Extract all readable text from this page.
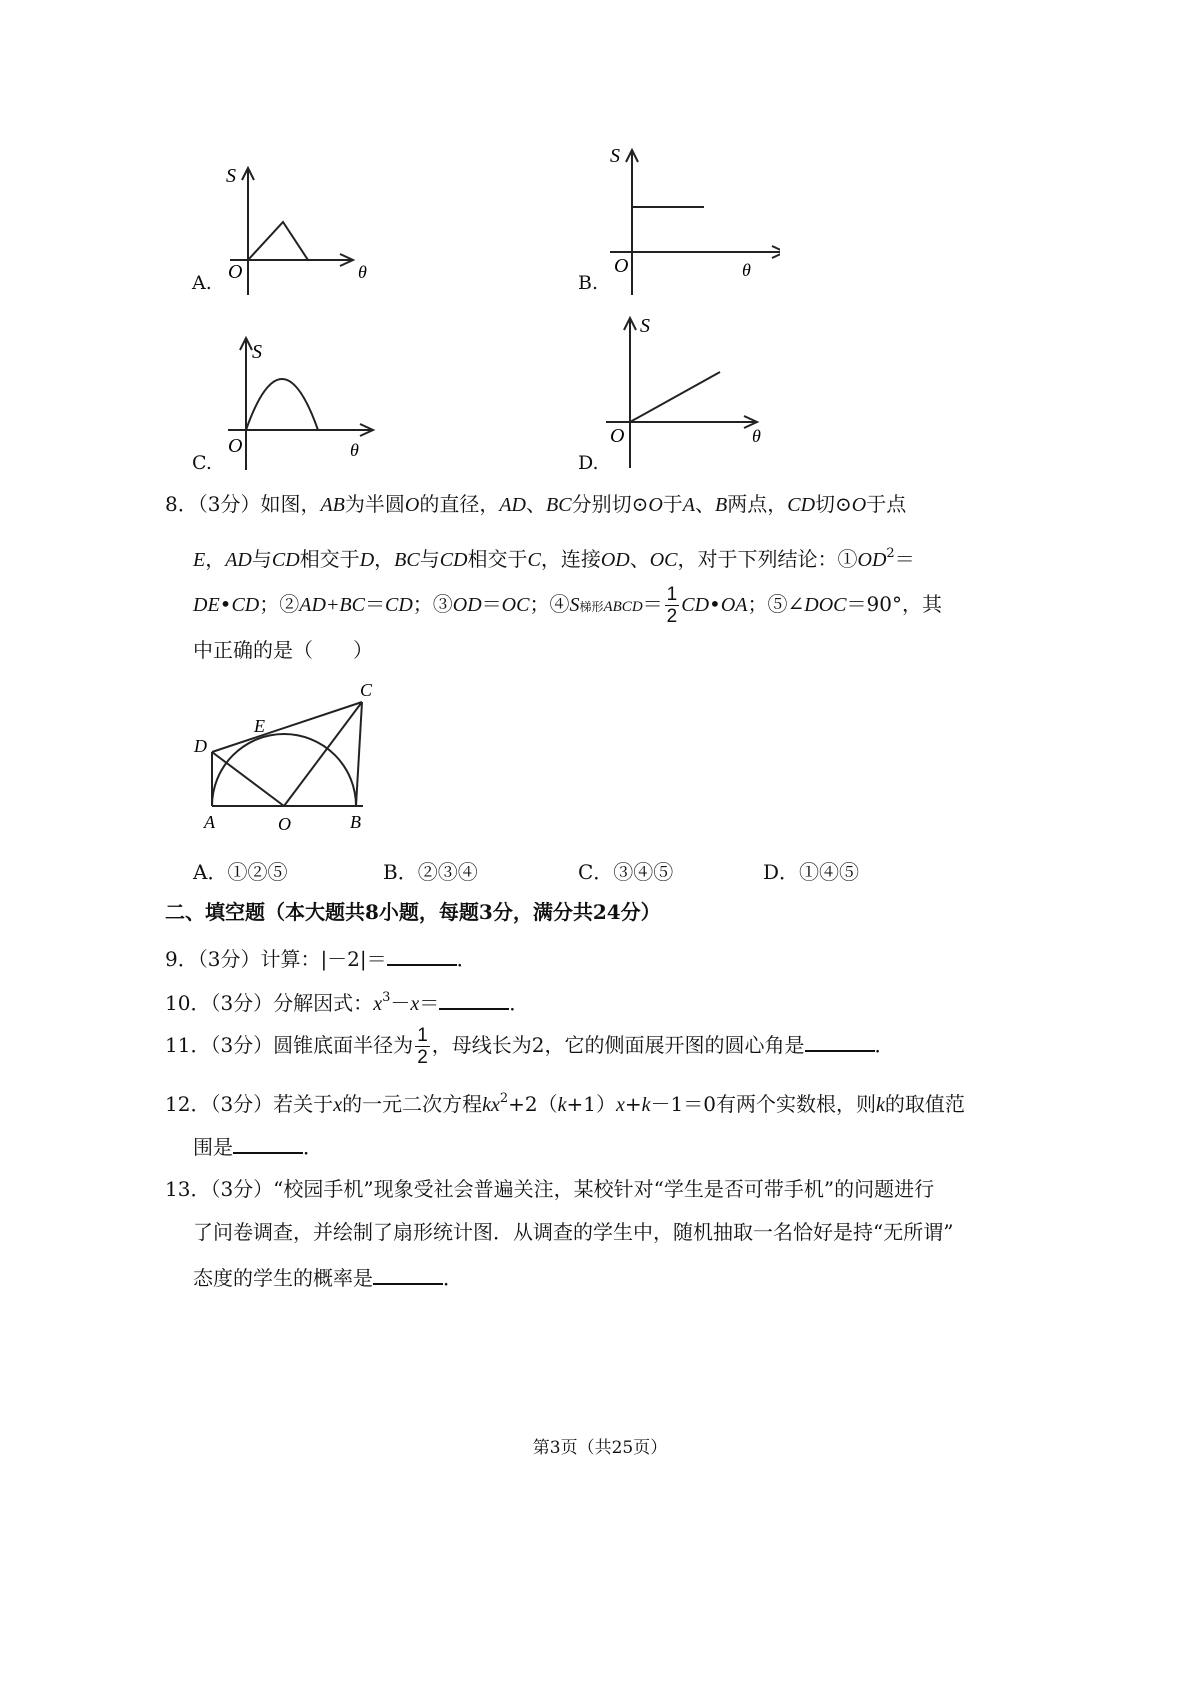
S
O	θ
A.
S
O	θ
B.
S
O	θ
C.
S
O	θ
D.
8．（3分）如图，AB为半圆O的直径，AD、BC分别切⊙O于A、B两点，CD切⊙O于点
E，AD与CD相交于D，BC与CD相交于C，连接OD、OC，对于下列结论：$①OD^2=$
DE•CD；②AD+BC＝CD；③OD＝OC；④S梯形ABCD＝ $\frac{1}{2}$ CD•OA；⑤∠DOC＝90°，其
中正确的是（　　）
C
E
D
A	O	B
A．①②⑤	B．②③④	C．③④⑤	D．①④⑤
二、填空题（本大题共8小题，每题3分，满分共24分）
9．（3分）计算：|－2|＝	．
10．（3分）分解因式：$x^3-x=$	．
11．（3分）圆锥底面半径为 $\frac{1}{2}$ ，母线长为2，它的侧面展开图的圆心角是	．
12．（3分）若关于x的一元二次方程$kx^2+2(k+1)x+k-1=0$有两个实数根，则k的取值范
围是	．
13．（3分）“校园手机”现象受社会普遍关注，某校针对“学生是否可带手机”的问题进行
了问卷调查，并绘制了扇形统计图．从调查的学生中，随机抽取一名恰好是持“无所谓”
态度的学生的概率是	．
第3页（共25页）
